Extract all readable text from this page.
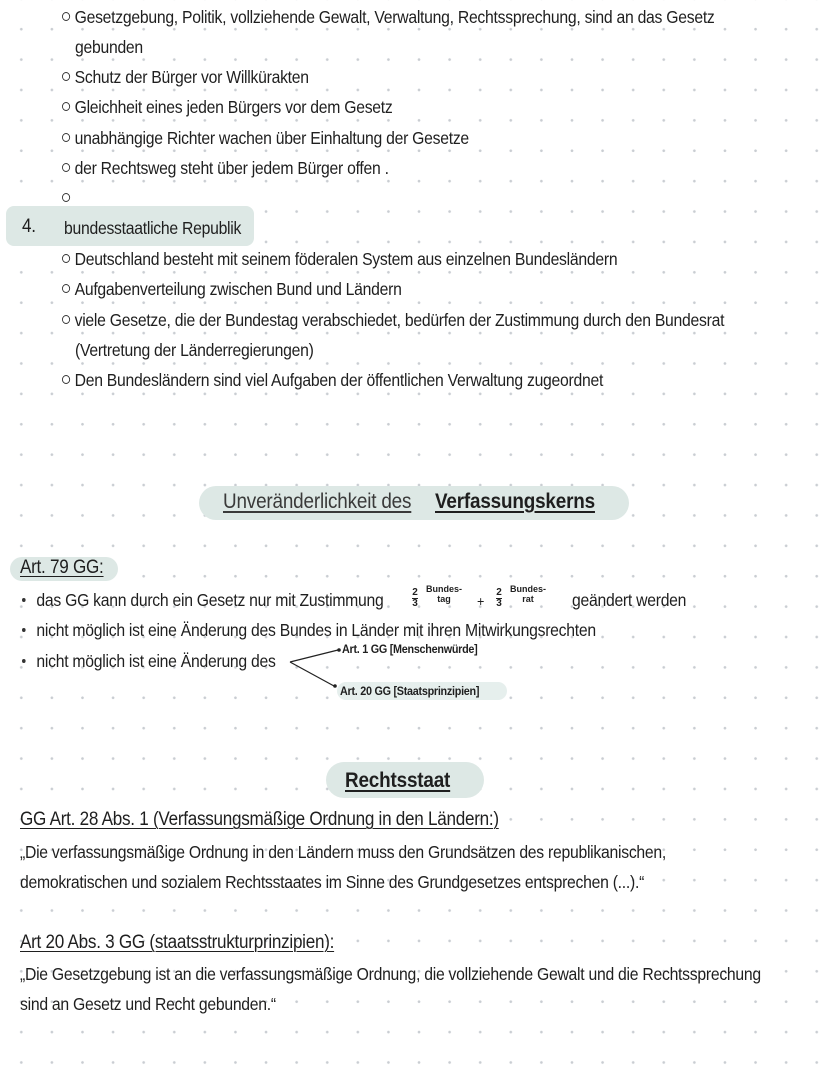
Gesetzgebung, Politik, vollziehende Gewalt, Verwaltung, Rechtssprechung, sind an das Gesetz
gebunden
Schutz der Bürger vor Willkürakten
Gleichheit eines jeden Bürgers vor dem Gesetz
unabhängige Richter wachen über Einhaltung der Gesetze
der Rechtsweg steht über jedem Bürger offen .
4. bundesstaatliche Republik
Deutschland besteht mit seinem föderalen System aus einzelnen Bundesländern
Aufgabenverteilung zwischen Bund und Ländern
viele Gesetze, die der Bundestag verabschiedet, bedürfen der Zustimmung durch den Bundesrat
(Vertretung der Länderregierungen)
Den Bundesländern sind viel Aufgaben der öffentlichen Verwaltung zugeordnet
Unveränderlichkeit des Verfassungskerns
Art. 79 GG:
das GG kann durch ein Gesetz nur mit Zustimmung	2
3
Bundes-
tag	+
2
3
Bundes-
rat	geändert werden
nicht möglich ist eine Änderung des Bundes in Länder mit ihren Mitwirkungsrechten
nicht möglich ist eine Änderung des
Art. 1 GG [Menschenwürde]
Art. 20 GG [Staatsprinzipien]
Rechtsstaat
GG Art. 28 Abs. 1 (Verfassungsmäßige Ordnung in den Ländern:)
„Die verfassungsmäßige Ordnung in den Ländern muss den Grundsätzen des republikanischen,
demokratischen und sozialem Rechtsstaates im Sinne des Grundgesetzes entsprechen (...).“
Art 20 Abs. 3 GG (staatsstrukturprinzipien):
„Die Gesetzgebung ist an die verfassungsmäßige Ordnung, die vollziehende Gewalt und die Rechtssprechung
sind an Gesetz und Recht gebunden.“
